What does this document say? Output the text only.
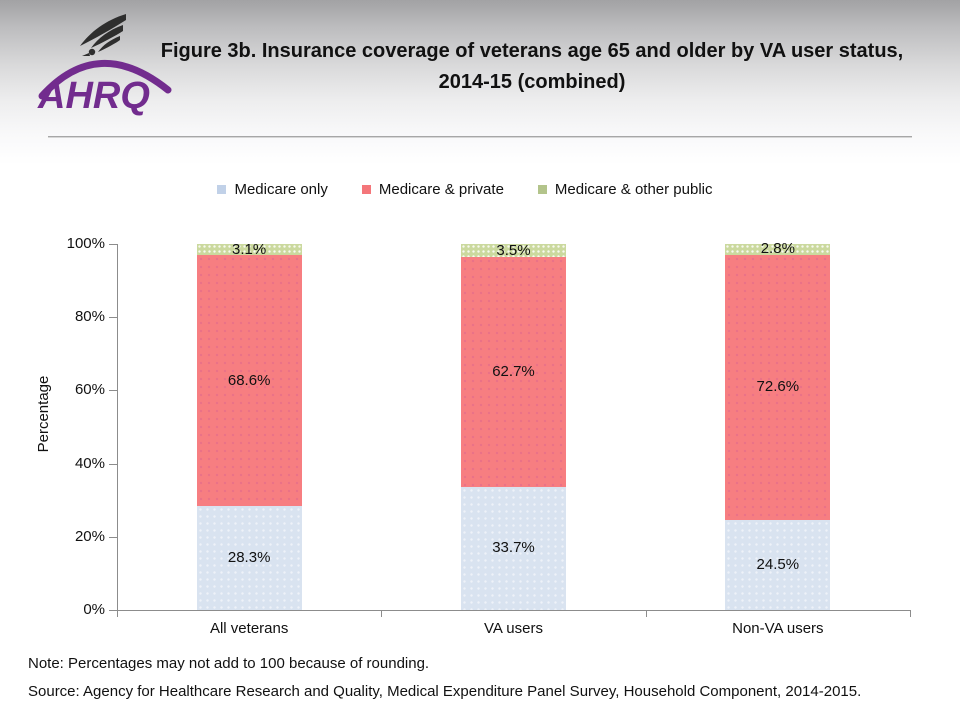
AHRQ
Figure 3b. Insurance coverage of veterans age 65 and older by VA user status, 2014-15 (combined)
Medicare only	Medicare & private	Medicare & other public
Percentage
0%
20%
40%
60%
80%
100%
28.3%
68.6%
3.1%
All veterans
33.7%
62.7%
3.5%
VA users
24.5%
72.6%
2.8%
Non-VA users
Note: Percentages may not add to 100 because of rounding.
Source: Agency for Healthcare Research and Quality, Medical Expenditure Panel Survey, Household Component, 2014-2015.
